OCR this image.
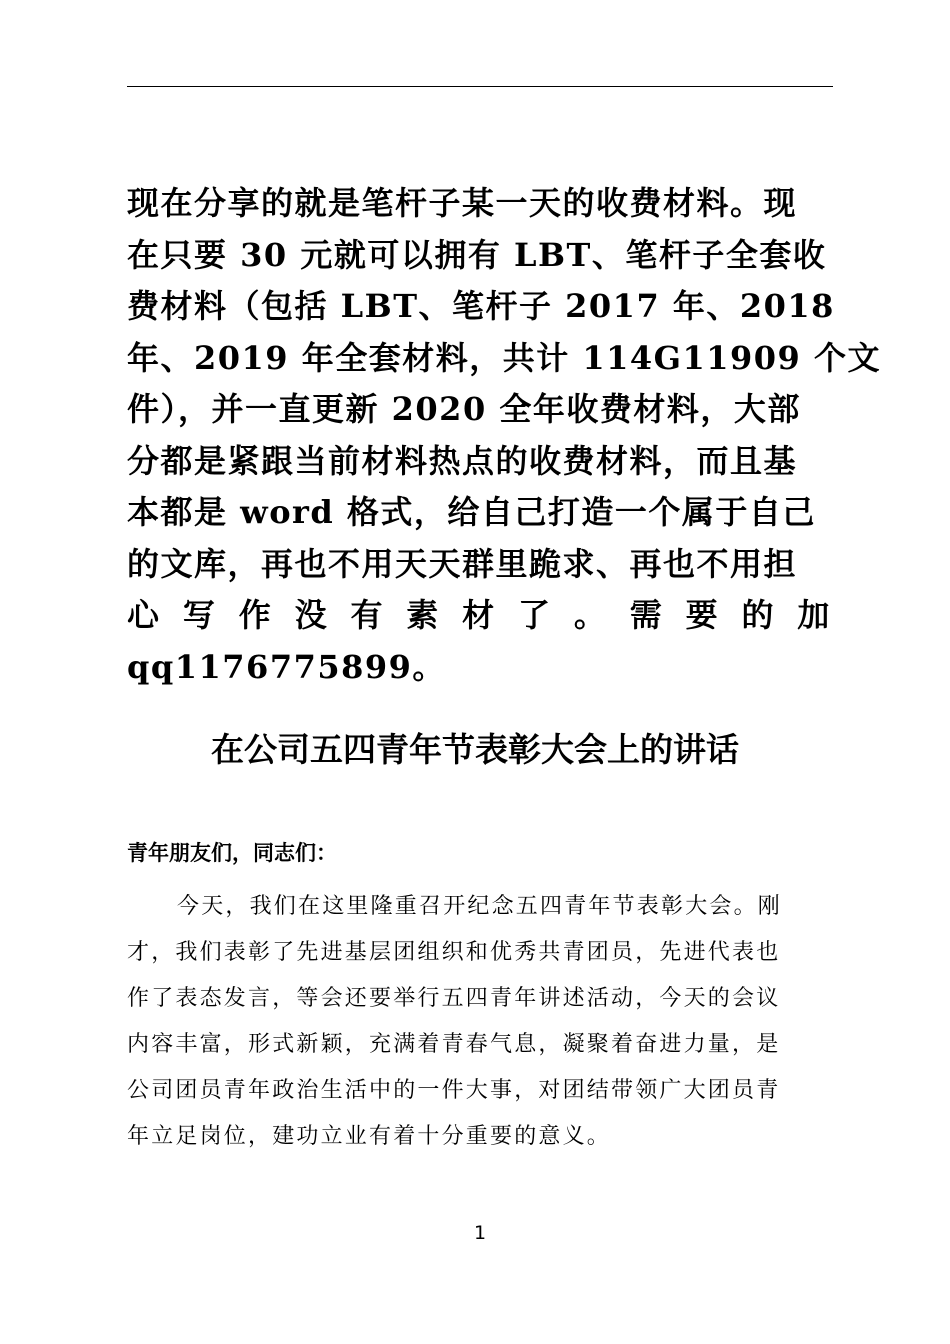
现在分享的就是笔杆子某一天的收费材料。现
在只要 30 元就可以拥有 LBT、笔杆子全套收
费材料（包括 LBT、笔杆子 2017 年、2018
年、2019 年全套材料，共计 114G11909 个文
件），并一直更新 2020 全年收费材料，大部
分都是紧跟当前材料热点的收费材料，而且基
本都是 word 格式，给自己打造一个属于自己
的文库，再也不用天天群里跪求、再也不用担
心 写 作 没 有 素 材 了 。 需 要 的 加
qq1176775899。
在公司五四青年节表彰大会上的讲话
青年朋友们，同志们：
今天，我们在这里隆重召开纪念五四青年节表彰大会。刚
才，我们表彰了先进基层团组织和优秀共青团员，先进代表也
作了表态发言，等会还要举行五四青年讲述活动，今天的会议
内容丰富，形式新颖，充满着青春气息，凝聚着奋进力量，是
公司团员青年政治生活中的一件大事，对团结带领广大团员青
年立足岗位，建功立业有着十分重要的意义。
1
